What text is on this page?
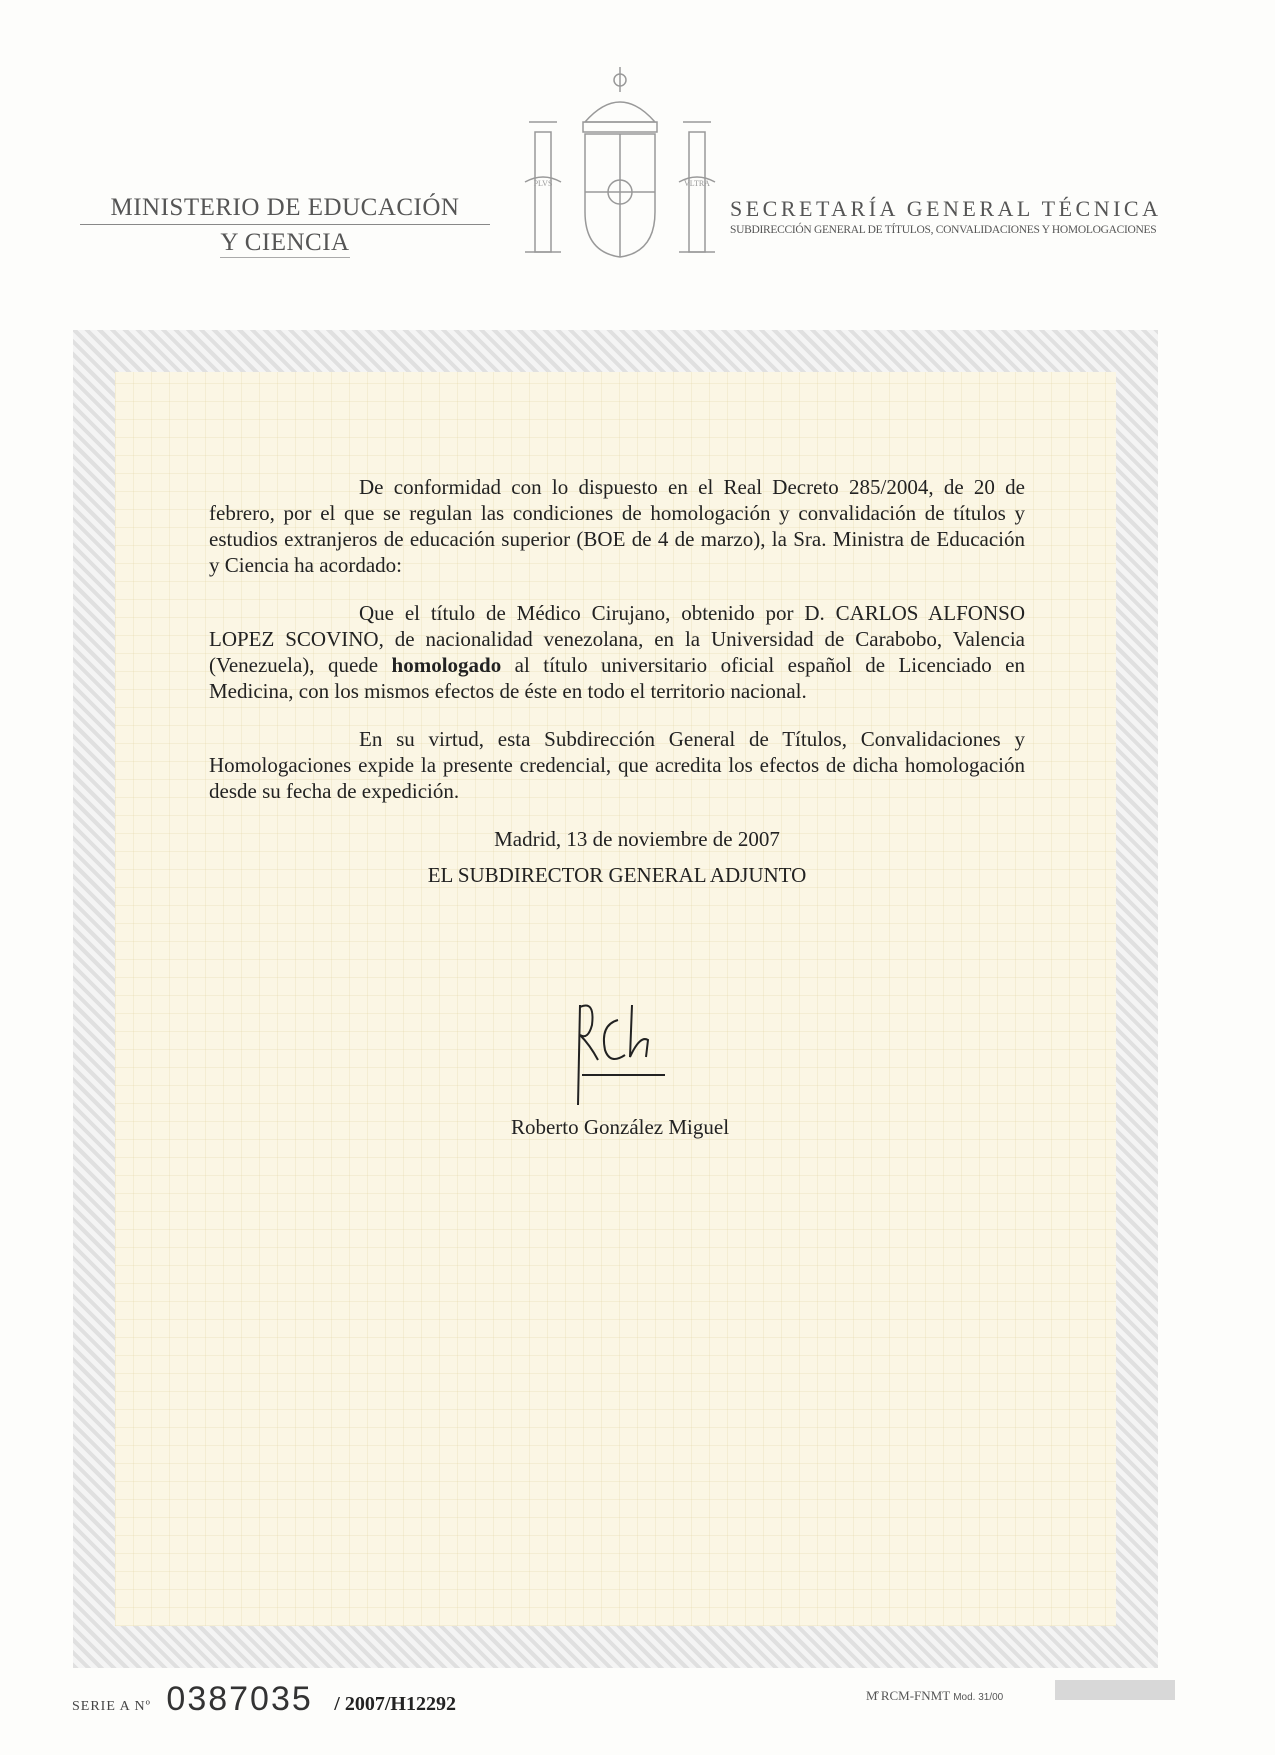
MINISTERIO DE EDUCACIÓN
Y CIENCIA
PLVS	VLTRA
SECRETARÍA GENERAL TÉCNICA
SUBDIRECCIÓN GENERAL DE TÍTULOS, CONVALIDACIONES Y HOMOLOGACIONES

De conformidad con lo dispuesto en el Real Decreto 285/2004, de 20 de febrero, por el que se regulan las condiciones de homologación y convalidación de títulos y estudios extranjeros de educación superior (BOE de 4 de marzo), la Sra. Ministra de Educación y Ciencia ha acordado:

Que el título de Médico Cirujano, obtenido por D. CARLOS ALFONSO LOPEZ SCOVINO, de nacionalidad venezolana, en la Universidad de Carabobo, Valencia (Venezuela), quede homologado al título universitario oficial español de Licenciado en Medicina, con los mismos efectos de éste en todo el territorio nacional.

En su virtud, esta Subdirección General de Títulos, Convalidaciones y Homologaciones expide la presente credencial, que acredita los efectos de dicha homologación desde su fecha de expedición.

Madrid, 13 de noviembre de 2007
EL SUBDIRECTOR GENERAL ADJUNTO
Roberto González Miguel
SERIE A Nº 0387035 / 2007/H12292	M̊ RCM-FNMT Mod. 31/00
